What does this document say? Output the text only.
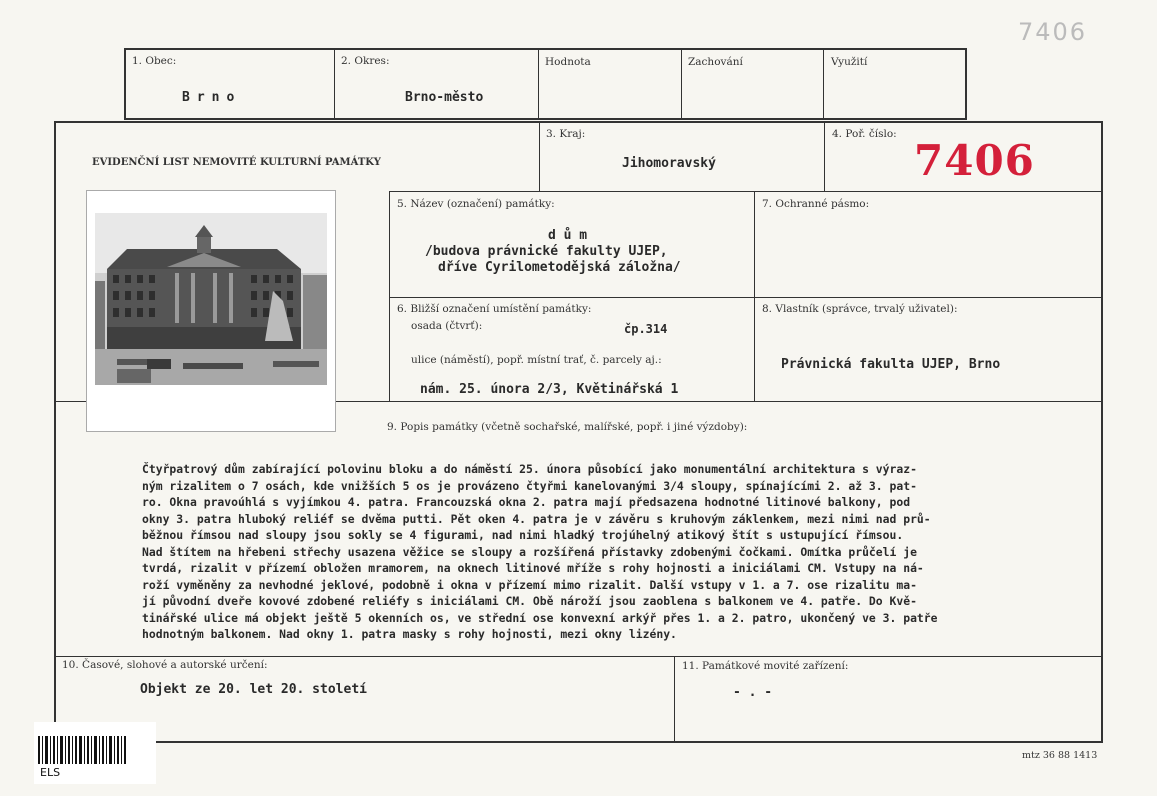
7406
1. Obec:
Brno
2. Okres:
Brno-město
Hodnota	Zachování	Využití
EVIDENČNÍ LIST NEMOVITÉ KULTURNÍ PAMÁTKY
3. Kraj:
Jihomoravský
4. Poř. číslo:
7406
5. Název (označení) památky:
d ů m
/budova právnické fakulty UJEP,
dříve Cyrilometodějská záložna/
7. Ochranné pásmo:
6. Bližší označení umístění památky:
osada (čtvrť):	čp.314
ulice (náměstí), popř. místní trať, č. parcely aj.:
nám. 25. února 2/3, Květinářská 1
8. Vlastník (správce, trvalý uživatel):
Právnická fakulta UJEP, Brno
9. Popis památky (včetně sochařské, malířské, popř. i jiné výzdoby):
Čtyřpatrový dům zabírající polovinu bloku a do náměstí 25. února působící jako monumentální architektura s výraz-
ným rizalitem o 7 osách, kde vnižších 5 os je provázeno čtyřmi kanelovanými 3/4 sloupy, spínajícími 2. až 3. pat-
ro. Okna pravoúhlá s vyjímkou 4. patra. Francouzská okna 2. patra mají předsazena hodnotné litinové balkony, pod
okny 3. patra hluboký reliéf se dvěma putti. Pět oken 4. patra je v závěru s kruhovým záklenkem, mezi nimi nad prů-
běžnou římsou nad sloupy jsou sokly se 4 figurami, nad nimi hladký trojúhelný atikový štít s ustupující římsou.
Nad štítem na hřebeni střechy usazena věžice se sloupy a rozšířená přístavky zdobenými čočkami. Omítka průčelí je
tvrdá, rizalit v přízemí obložen mramorem, na oknech litinové mříže s rohy hojnosti a iniciálami CM. Vstupy na ná-
roží vyměněny za nevhodné jeklové, podobně i okna v přízemí mimo rizalit. Další vstupy v 1. a 7. ose rizalitu ma-
jí původní dveře kovové zdobené reliéfy s iniciálami CM. Obě nároží jsou zaoblena s balkonem ve 4. patře. Do Kvě-
tinářské ulice má objekt ještě 5 okenních os, ve střední ose konvexní arkýř přes 1. a 2. patro, ukončený ve 3. patře
hodnotným balkonem. Nad okny 1. patra masky s rohy hojnosti, mezi okny lizény.
10. Časové, slohové a autorské určení:
Objekt ze 20. let 20. století
11. Památkové movité zařízení:
- . -
mtz 36 88 1413
ELS
